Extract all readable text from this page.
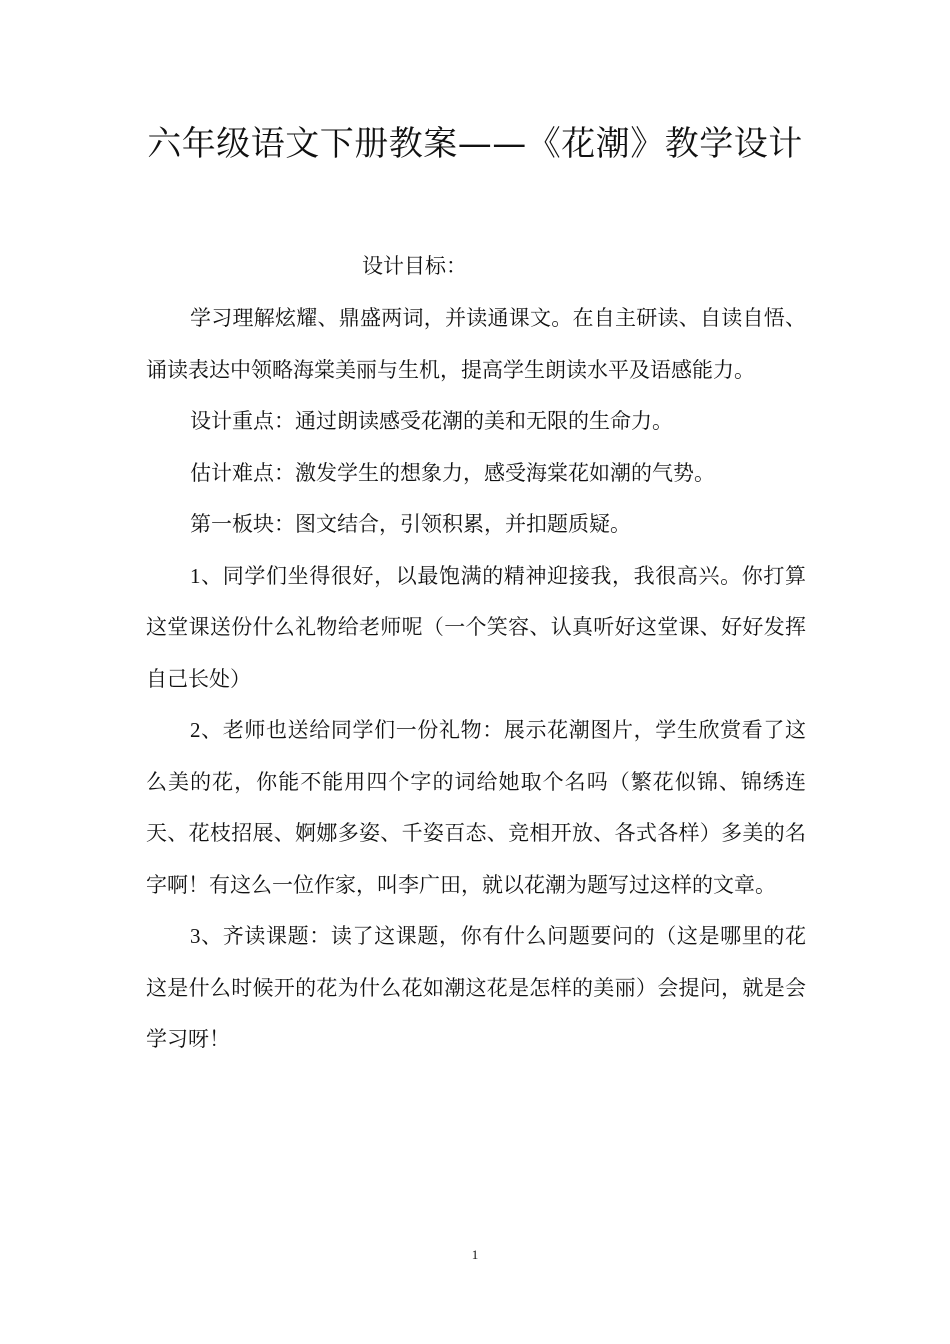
六年级语文下册教案——《花潮》教学设计
设计目标：

学习理解炫耀、鼎盛两词，并读通课文。在自主研读、自读自悟、诵读表达中领略海棠美丽与生机，提高学生朗读水平及语感能力。

设计重点：通过朗读感受花潮的美和无限的生命力。

估计难点：激发学生的想象力，感受海棠花如潮的气势。

第一板块：图文结合，引领积累，并扣题质疑。

1、同学们坐得很好，以最饱满的精神迎接我，我很高兴。你打算这堂课送份什么礼物给老师呢（一个笑容、认真听好这堂课、好好发挥自己长处）

2、老师也送给同学们一份礼物：展示花潮图片，学生欣赏看了这么美的花，你能不能用四个字的词给她取个名吗（繁花似锦、锦绣连天、花枝招展、婀娜多姿、千姿百态、竞相开放、各式各样）多美的名字啊！有这么一位作家，叫李广田，就以花潮为题写过这样的文章。

3、齐读课题：读了这课题，你有什么问题要问的（这是哪里的花这是什么时候开的花为什么花如潮这花是怎样的美丽）会提问，就是会学习呀！

1
